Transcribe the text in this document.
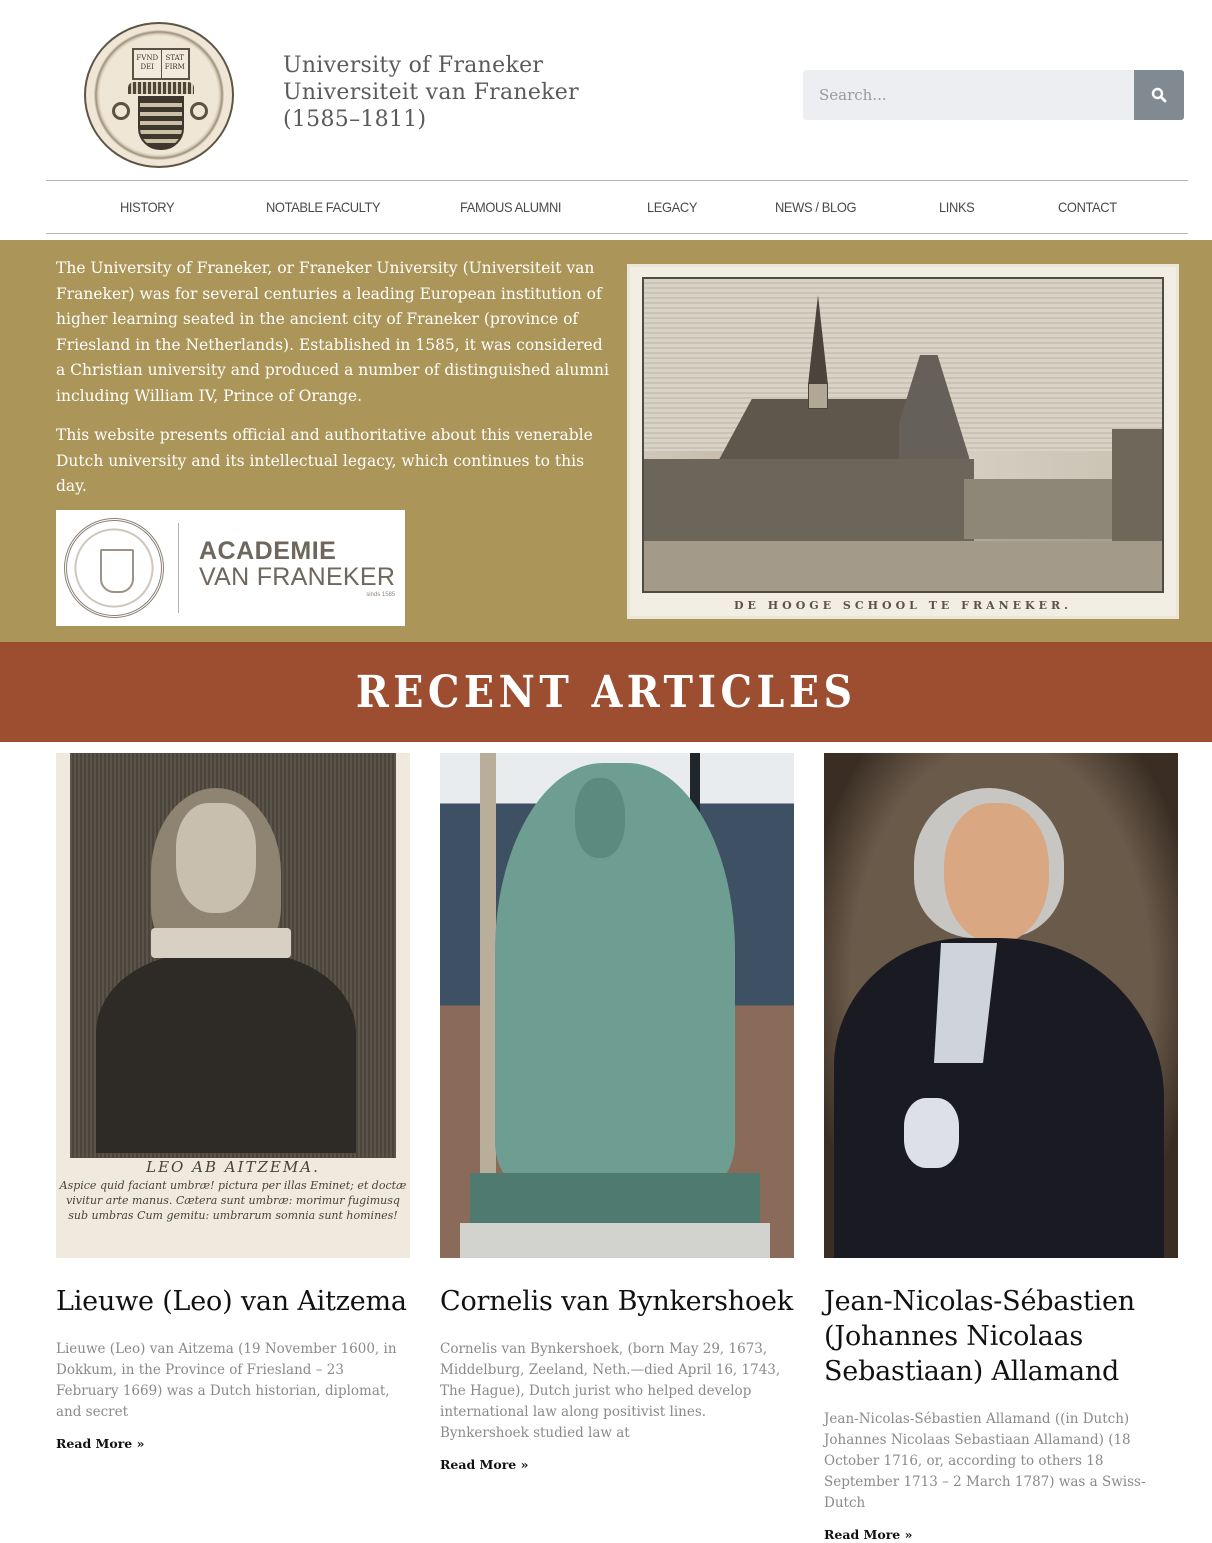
FVND DEI
STAT FIRM	University of Franeker
Universiteit van Franeker
(1585–1811)
Search...
HISTORY	NOTABLE FACULTY	FAMOUS ALUMNI	LEGACY	NEWS / BLOG	LINKS	CONTACT

The University of Franeker, or Franeker University (Universiteit van Franeker) was for several centuries a leading European institution of higher learning seated in the ancient city of Franeker (province of Friesland in the Netherlands). Established in 1585, it was considered a Christian university and produced a number of distinguished alumni including William IV, Prince of Orange.

This website presents official and authoritative about this venerable Dutch university and its intellectual legacy, which continues to this day.

ACADEMIE
VAN FRANEKER
sinds 1585
DE HOOGE SCHOOL TE FRANEKER.
RECENT ARTICLES
LEO AB AITZEMA.
Aspice quid faciant umbræ! pictura per illas Eminet; et doctæ vivitur arte manus. Cætera sunt umbræ: morimur fugimusq sub umbras Cum gemitu: umbrarum somnia sunt homines!
Lieuwe (Leo) van Aitzema

Lieuwe (Leo) van Aitzema (19 November 1600, in Dokkum, in the Province of Friesland – 23 February 1669) was a Dutch historian, diplomat, and secret

Read More »
Cornelis van Bynkershoek

Cornelis van Bynkershoek, (born May 29, 1673, Middelburg, Zeeland, Neth.—died April 16, 1743, The Hague), Dutch jurist who helped develop international law along positivist lines. Bynkershoek studied law at

Read More »
Jean-Nicolas-Sébastien (Johannes Nicolaas Sebastiaan) Allamand

Jean-Nicolas-Sébastien Allamand ((in Dutch) Johannes Nicolaas Sebastiaan Allamand) (18 October 1716, or, according to others 18 September 1713 – 2 March 1787) was a Swiss-Dutch

Read More »
